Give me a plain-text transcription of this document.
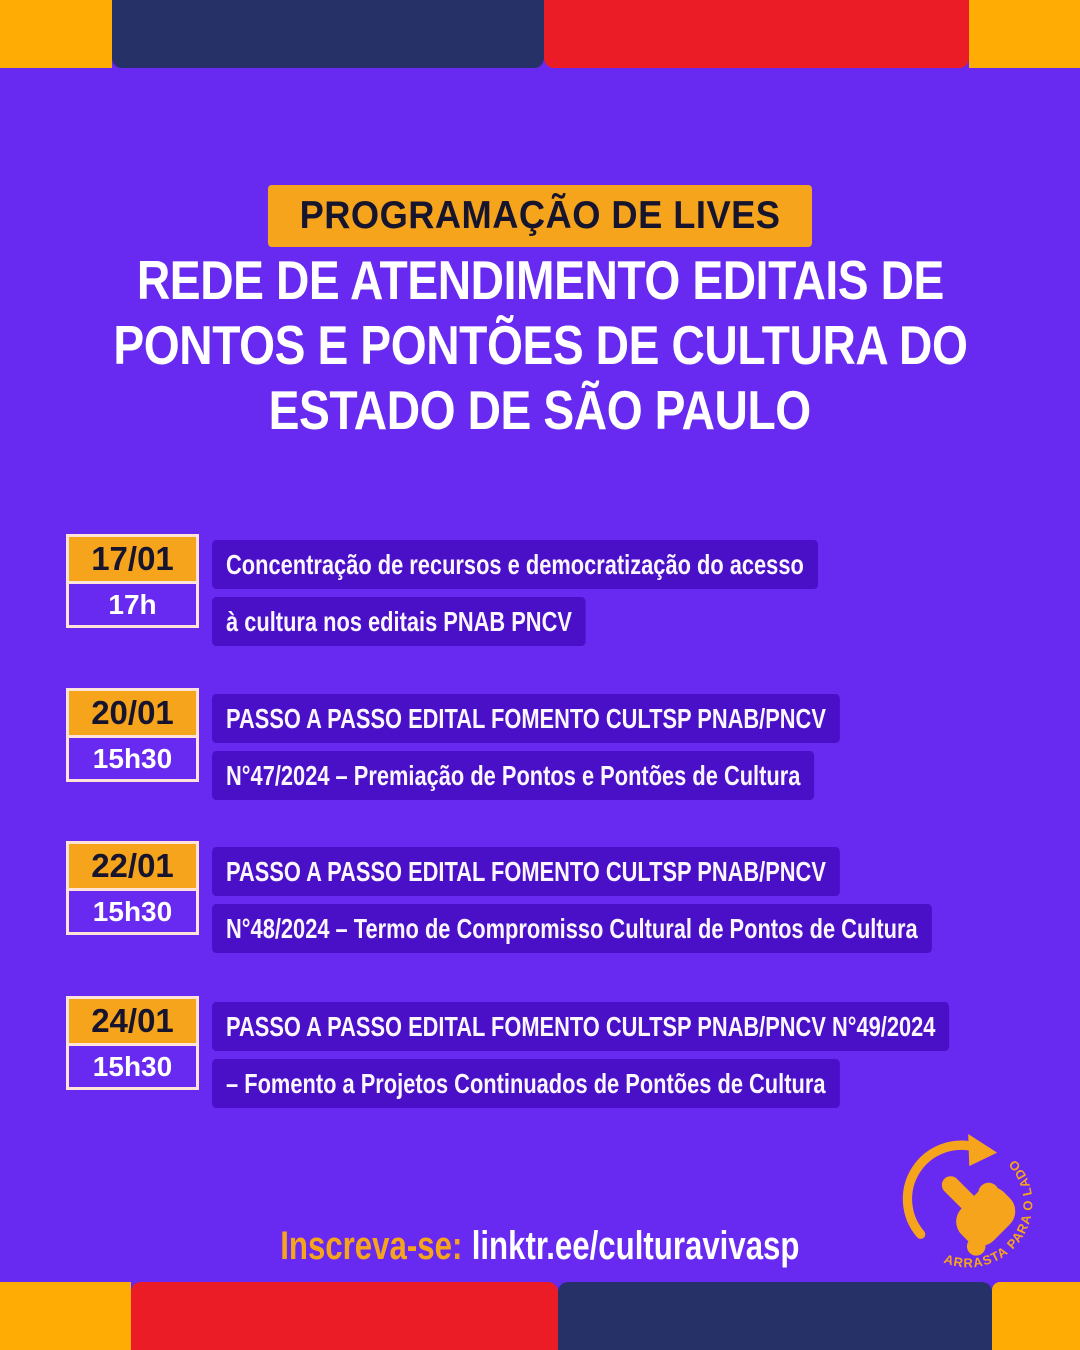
PROGRAMAÇÃO DE LIVES
REDE DE ATENDIMENTO EDITAIS DE
PONTOS E PONTÕES DE CULTURA DO
ESTADO DE SÃO PAULO
17/01
17h
Concentração de recursos e democratização do acesso
à cultura nos editais PNAB PNCV
20/01
15h30
PASSO A PASSO EDITAL FOMENTO CULTSP PNAB/PNCV
N°47/2024 – Premiação de Pontos e Pontões de Cultura
22/01
15h30
PASSO A PASSO EDITAL FOMENTO CULTSP PNAB/PNCV
N°48/2024 – Termo de Compromisso Cultural de Pontos de Cultura
24/01
15h30
PASSO A PASSO EDITAL FOMENTO CULTSP PNAB/PNCV N°49/2024
– Fomento a Projetos Continuados de Pontões de Cultura
Inscreva-se: linktr.ee/culturavivasp	ARRASTA PARA O LADO
